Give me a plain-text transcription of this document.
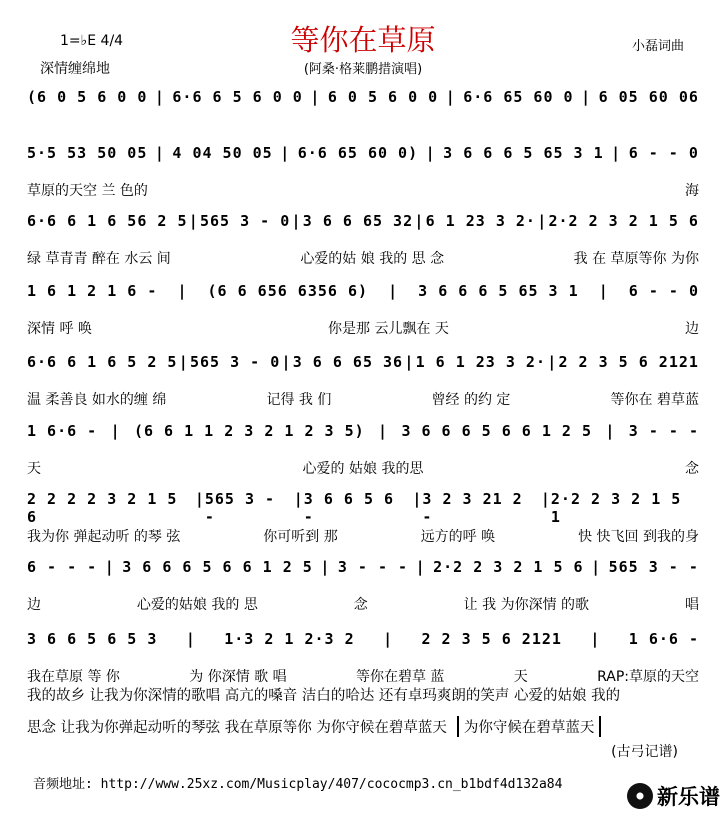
等你在草原
(阿桑·格莱鹏措演唱)
小磊词曲
1=♭E 4/4
深情缠绵地
(6 0 5 6 0 0 | 6·6 6 5 6 0 0 | 6 0 5 6 0 0 | 6·6 65 60 0 | 6 05 60 06
5·5 53 50 05 | 4 04 50 05 | 6·6 65 60 0) | 3 6 6 6 5 65 3 1 | 6 - - 0
草原的天空 兰 色的	海
6·6 6 1 6 56 2 5 | 565 3 - 0 | 3 6 6 65 32 | 6 1 23 3 2· | 2·2 2 3 2 1 5 6
绿 草青青 醉在 水云 间	心爱的姑 娘 我的 思 念	我 在 草原等你 为你
1 6 1 2 1 6 - | (6 6 656 6356 6) | 3 6 6 6 5 65 3 1 | 6 - - 0
深情 呼 唤	你是那 云儿飘在 天	边
6·6 6 1 6 5 2 5 | 565 3 - 0 | 3 6 6 65 36 | 1 6 1 23 3 2· | 2 2 3 5 6 2121
温 柔善良 如水的缠 绵	记得 我 们	曾经 的约 定	等你在 碧草蓝
1 6·6 - | (6 6 1 1 2 3 2 1 2 3 5) | 3 6 6 6 5 6 6 1 2 5 | 3 - - -
天	心爱的 姑娘 我的思	念
2 2 2 2 3 2 1 5 6
| 565 3 - -
| 3 6 6 5 6 -
| 3 2 3 21 2 -
| 2·2 2 3 2 1 5 1
我为你 弹起动听 的琴 弦	你可听到 那	远方的呼 唤	快 快飞回 到我的身
6 - - - | 3 6 6 6 5 6 6 1 2 5 | 3 - - - | 2·2 2 3 2 1 5 6 | 565 3 - -
边	心爱的姑娘 我的 思	念	让 我 为你深情 的歌	唱
3 6 6 5 6 5 3 | 1·3 2 1 2·3 2 | 2 2 3 5 6 2121 | 1 6·6 -
我在草原 等 你	为 你深情 歌 唱	等你在碧草 蓝	天	RAP:草原的天空
我的故乡 让我为你深情的歌唱 高亢的嗓音 洁白的哈达 还有卓玛爽朗的笑声 心爱的姑娘 我的
思念 让我为你弹起动听的琴弦 我在草原等你 为你守候在碧草蓝天	为你守候在碧草蓝天
(古弓记谱)
音频地址: http://www.25xz.com/Musicplay/407/cococmp3.cn_b1bdf4d132a84
新乐谱
